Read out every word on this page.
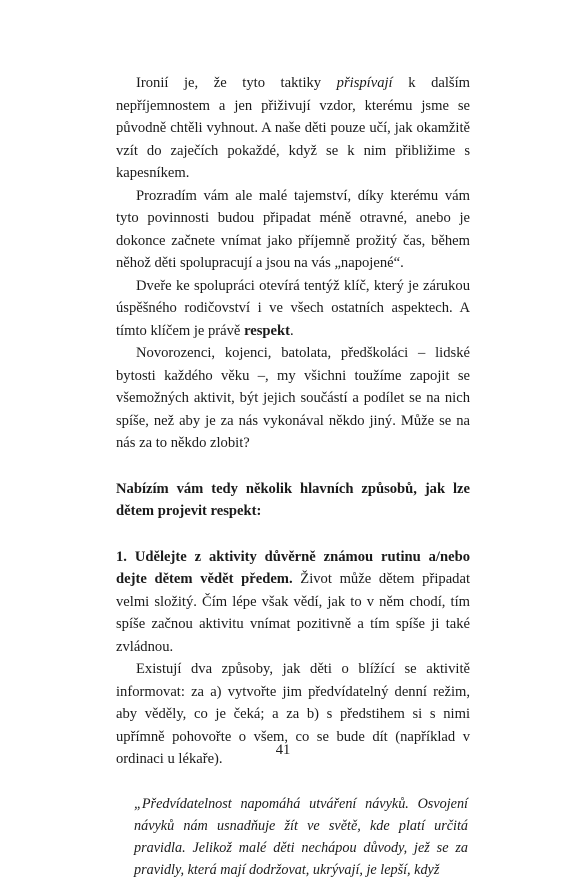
Ironií je, že tyto taktiky přispívají k dalším nepříjemnostem a jen přiživují vzdor, kterému jsme se původně chtěli vyhnout. A naše děti pouze učí, jak okamžitě vzít do zaječích pokaždé, když se k nim přibližime s kapesníkem.

Prozradím vám ale malé tajemství, díky kterému vám tyto povinnosti budou připadat méně otravné, anebo je dokonce začnete vnímat jako příjemně prožitý čas, během něhož děti spolupracují a jsou na vás „napojené“.

Dveře ke spolupráci otevírá tentýž klíč, který je zárukou úspěšného rodičovství i ve všech ostatních aspektech. A tímto klíčem je právě respekt.

Novorozenci, kojenci, batolata, předškoláci – lidské bytosti každého věku –, my všichni toužíme zapojit se všemožných aktivit, být jejich součástí a podílet se na nich spíše, než aby je za nás vykonával někdo jiný. Může se na nás za to někdo zlobit?

Nabízím vám tedy několik hlavních způsobů, jak lze dětem projevit respekt:

1. Udělejte z aktivity důvěrně známou rutinu a/nebo dejte dětem vědět předem. Život může dětem připadat velmi složitý. Čím lépe však vědí, jak to v něm chodí, tím spíše začnou aktivitu vnímat pozitivně a tím spíše ji také zvládnou.

Existují dva způsoby, jak děti o blížící se aktivitě informovat: za a) vytvořte jim předvídatelný denní režim, aby věděly, co je čeká; a za b) s předstihem si s nimi upřímně pohovořte o všem, co se bude dít (například v ordinaci u lékaře).

„Předvídatelnost napomáhá utváření návyků. Osvojení návyků nám usnadňuje žít ve světě, kde platí určitá pravidla. Jelikož malé děti nechápou důvody, jež se za pravidly, která mají dodržovat, ukrývají, je lepší, když

41
